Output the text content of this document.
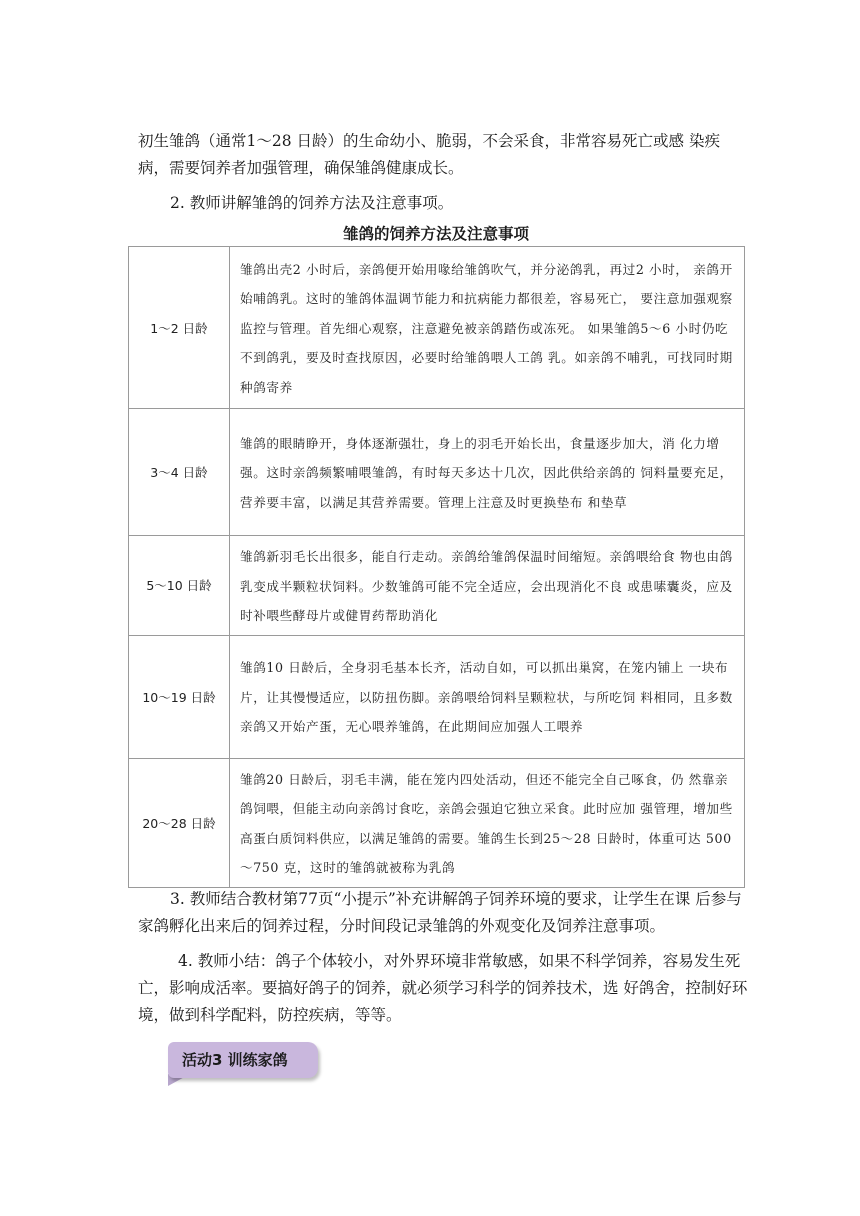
初生雏鸽（通常1～28 日龄）的生命幼小、脆弱，不会采食，非常容易死亡或感 染疾病，需要饲养者加强管理，确保雏鸽健康成长。

2. 教师讲解雏鸽的饲养方法及注意事项。

雏鸽的饲养方法及注意事项
1～2 日龄	雏鸽出壳2 小时后，亲鸽便开始用喙给雏鸽吹气，并分泌鸽乳，再过2 小时， 亲鸽开始哺鸽乳。这时的雏鸽体温调节能力和抗病能力都很差，容易死亡， 要注意加强观察监控与管理。首先细心观察，注意避免被亲鸽踏伤或冻死。 如果雏鸽5～6 小时仍吃不到鸽乳，要及时查找原因，必要时给雏鸽喂人工鸽 乳。如亲鸽不哺乳，可找同时期种鸽寄养
3～4 日龄	雏鸽的眼睛睁开，身体逐渐强壮，身上的羽毛开始长出，食量逐步加大，消 化力增强。这时亲鸽频繁哺喂雏鸽，有时每天多达十几次，因此供给亲鸽的 饲料量要充足，营养要丰富，以满足其营养需要。管理上注意及时更换垫布 和垫草
5～10 日龄	雏鸽新羽毛长出很多，能自行走动。亲鸽给雏鸽保温时间缩短。亲鸽喂给食 物也由鸽乳变成半颗粒状饲料。少数雏鸽可能不完全适应，会出现消化不良 或患嗉囊炎，应及时补喂些酵母片或健胃药帮助消化
10～19 日龄	雏鸽10 日龄后，全身羽毛基本长齐，活动自如，可以抓出巢窝，在笼内铺上 一块布片，让其慢慢适应，以防扭伤脚。亲鸽喂给饲料呈颗粒状，与所吃饲 料相同，且多数亲鸽又开始产蛋，无心喂养雏鸽，在此期间应加强人工喂养
20～28 日龄	雏鸽20 日龄后，羽毛丰满，能在笼内四处活动，但还不能完全自己啄食，仍 然靠亲鸽饲喂，但能主动向亲鸽讨食吃，亲鸽会强迫它独立采食。此时应加 强管理，增加些高蛋白质饲料供应，以满足雏鸽的需要。雏鸽生长到25～28 日龄时，体重可达 500～750 克，这时的雏鸽就被称为乳鸽

3. 教师结合教材第77页“小提示”补充讲解鸽子饲养环境的要求，让学生在课 后参与家鸽孵化出来后的饲养过程，分时间段记录雏鸽的外观变化及饲养注意事项。

4. 教师小结：鸽子个体较小，对外界环境非常敏感，如果不科学饲养，容易发生死亡，影响成活率。要搞好鸽子的饲养，就必须学习科学的饲养技术，选 好鸽舍，控制好环境，做到科学配料，防控疾病，等等。

活动3 训练家鸽
